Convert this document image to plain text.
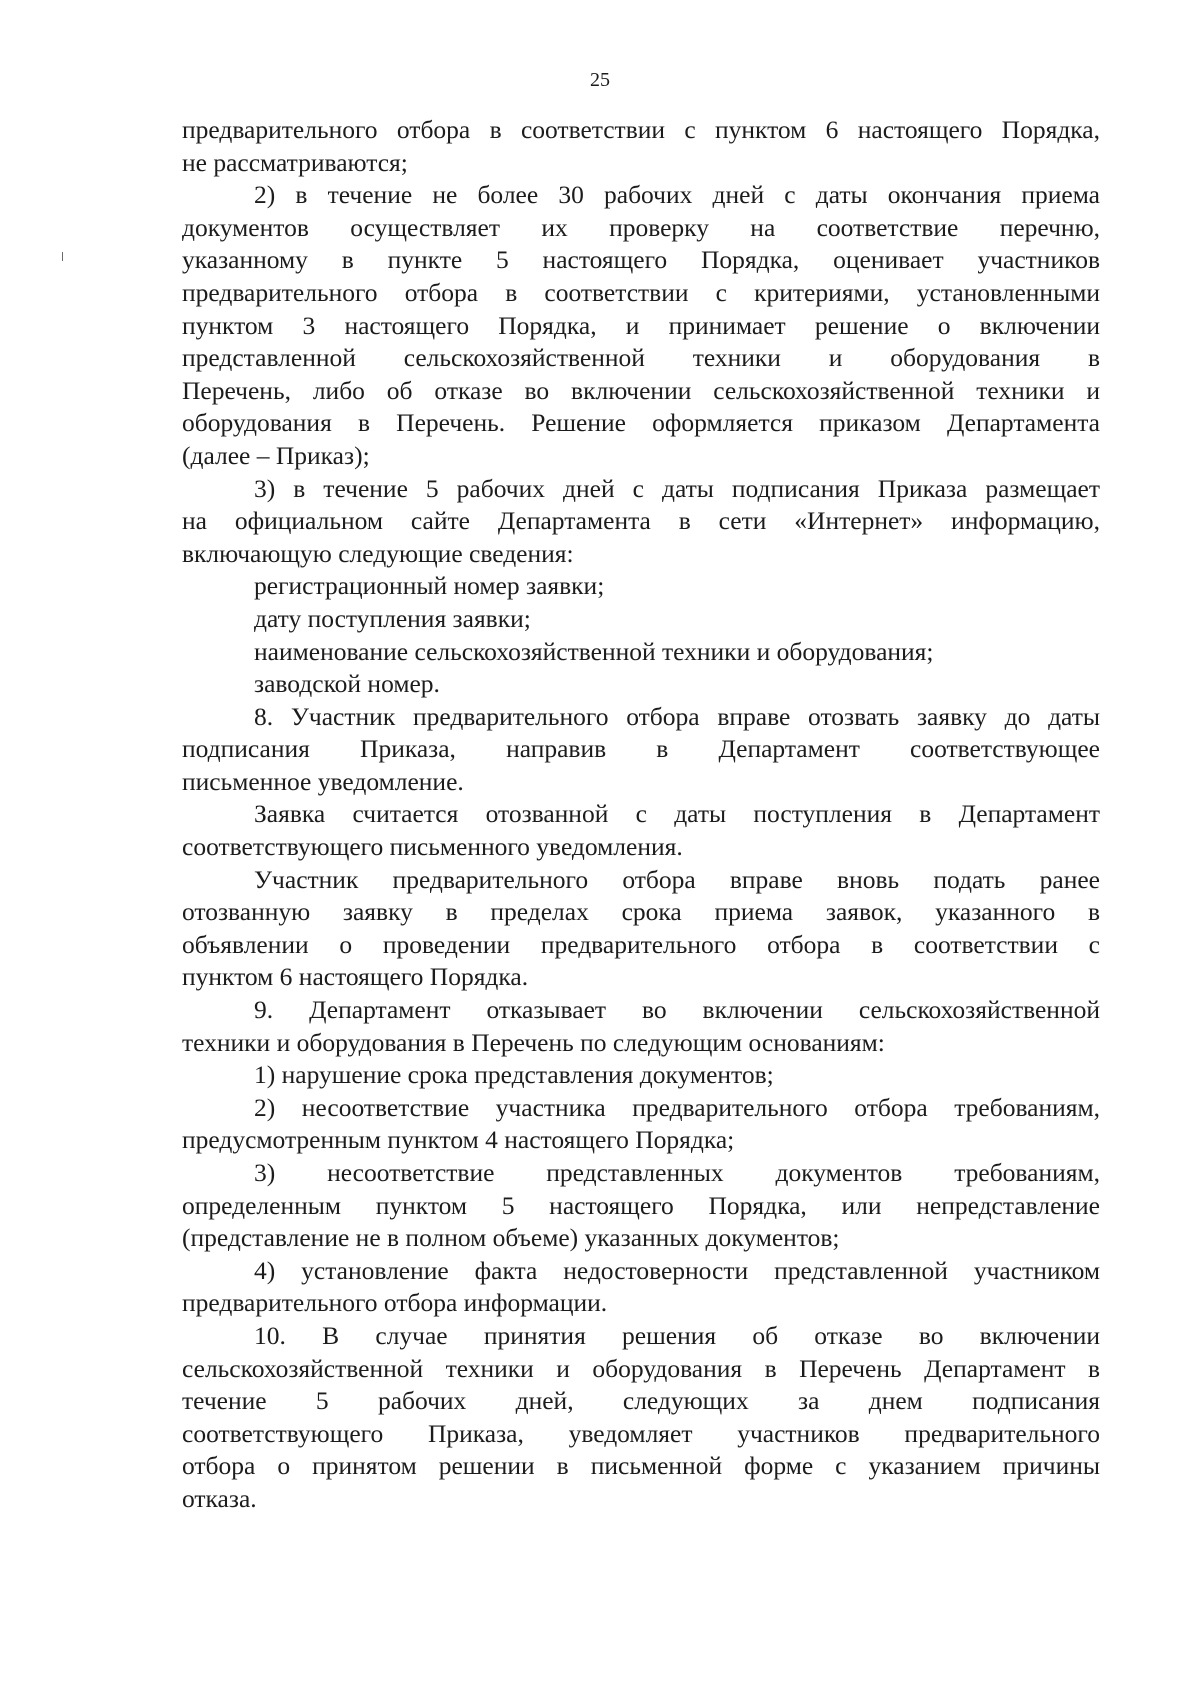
25
предварительного отбора в соответствии с пунктом 6 настоящего Порядка,
не рассматриваются;
2) в течение не более 30 рабочих дней с даты окончания приема
документов осуществляет их проверку на соответствие перечню,
указанному в пункте 5 настоящего Порядка, оценивает участников
предварительного отбора в соответствии с критериями, установленными
пунктом 3 настоящего Порядка, и принимает решение о включении
представленной сельскохозяйственной техники и оборудования в
Перечень, либо об отказе во включении сельскохозяйственной техники и
оборудования в Перечень. Решение оформляется приказом Департамента
(далее – Приказ);
3) в течение 5 рабочих дней с даты подписания Приказа размещает
на официальном сайте Департамента в сети «Интернет» информацию,
включающую следующие сведения:
регистрационный номер заявки;
дату поступления заявки;
наименование сельскохозяйственной техники и оборудования;
заводской номер.
8. Участник предварительного отбора вправе отозвать заявку до даты
подписания Приказа, направив в Департамент соответствующее
письменное уведомление.
Заявка считается отозванной с даты поступления в Департамент
соответствующего письменного уведомления.
Участник предварительного отбора вправе вновь подать ранее
отозванную заявку в пределах срока приема заявок, указанного в
объявлении о проведении предварительного отбора в соответствии с
пунктом 6 настоящего Порядка.
9. Департамент отказывает во включении сельскохозяйственной
техники и оборудования в Перечень по следующим основаниям:
1) нарушение срока представления документов;
2) несоответствие участника предварительного отбора требованиям,
предусмотренным пунктом 4 настоящего Порядка;
3) несоответствие представленных документов требованиям,
определенным пунктом 5 настоящего Порядка, или непредставление
(представление не в полном объеме) указанных документов;
4) установление факта недостоверности представленной участником
предварительного отбора информации.
10. В случае принятия решения об отказе во включении
сельскохозяйственной техники и оборудования в Перечень Департамент в
течение 5 рабочих дней, следующих за днем подписания
соответствующего Приказа, уведомляет участников предварительного
отбора о принятом решении в письменной форме с указанием причины
отказа.
